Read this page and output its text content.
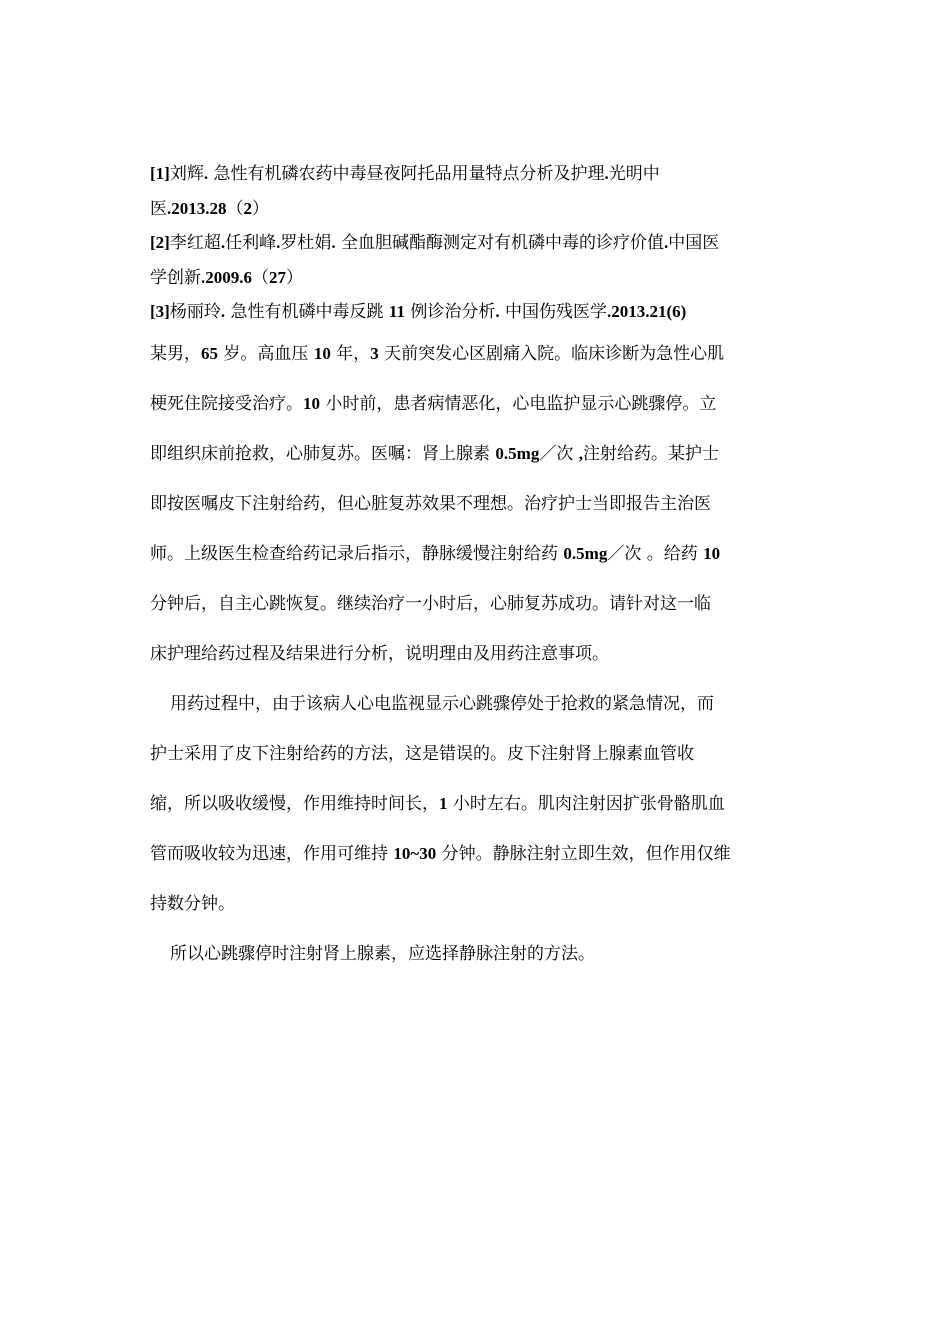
[1]刘辉. 急性有机磷农药中毒昼夜阿托品用量特点分析及护理.光明中
医.2013.28（2）
[2]李红超.任利峰.罗杜娟. 全血胆碱酯酶测定对有机磷中毒的诊疗价值.中国医
学创新.2009.6（27）
[3]杨丽玲. 急性有机磷中毒反跳 11 例诊治分析. 中国伤残医学.2013.21(6)
某男，65 岁。高血压 10 年，3 天前突发心区剧痛入院。临床诊断为急性心肌
梗死住院接受治疗。10 小时前，患者病情恶化，心电监护显示心跳骤停。立
即组织床前抢救，心肺复苏。医嘱：肾上腺素 0.5mg／次 ,注射给药。某护士
即按医嘱皮下注射给药，但心脏复苏效果不理想。治疗护士当即报告主治医
师。上级医生检查给药记录后指示，静脉缓慢注射给药 0.5mg／次 。给药 10
分钟后，自主心跳恢复。继续治疗一小时后，心肺复苏成功。请针对这一临
床护理给药过程及结果进行分析，说明理由及用药注意事项。
用药过程中，由于该病人心电监视显示心跳骤停处于抢救的紧急情况，而
护士采用了皮下注射给药的方法，这是错误的。皮下注射肾上腺素血管收
缩，所以吸收缓慢，作用维持时间长，1 小时左右。肌肉注射因扩张骨骼肌血
管而吸收较为迅速，作用可维持 10~30 分钟。静脉注射立即生效，但作用仅维
持数分钟。
所以心跳骤停时注射肾上腺素，应选择静脉注射的方法。
